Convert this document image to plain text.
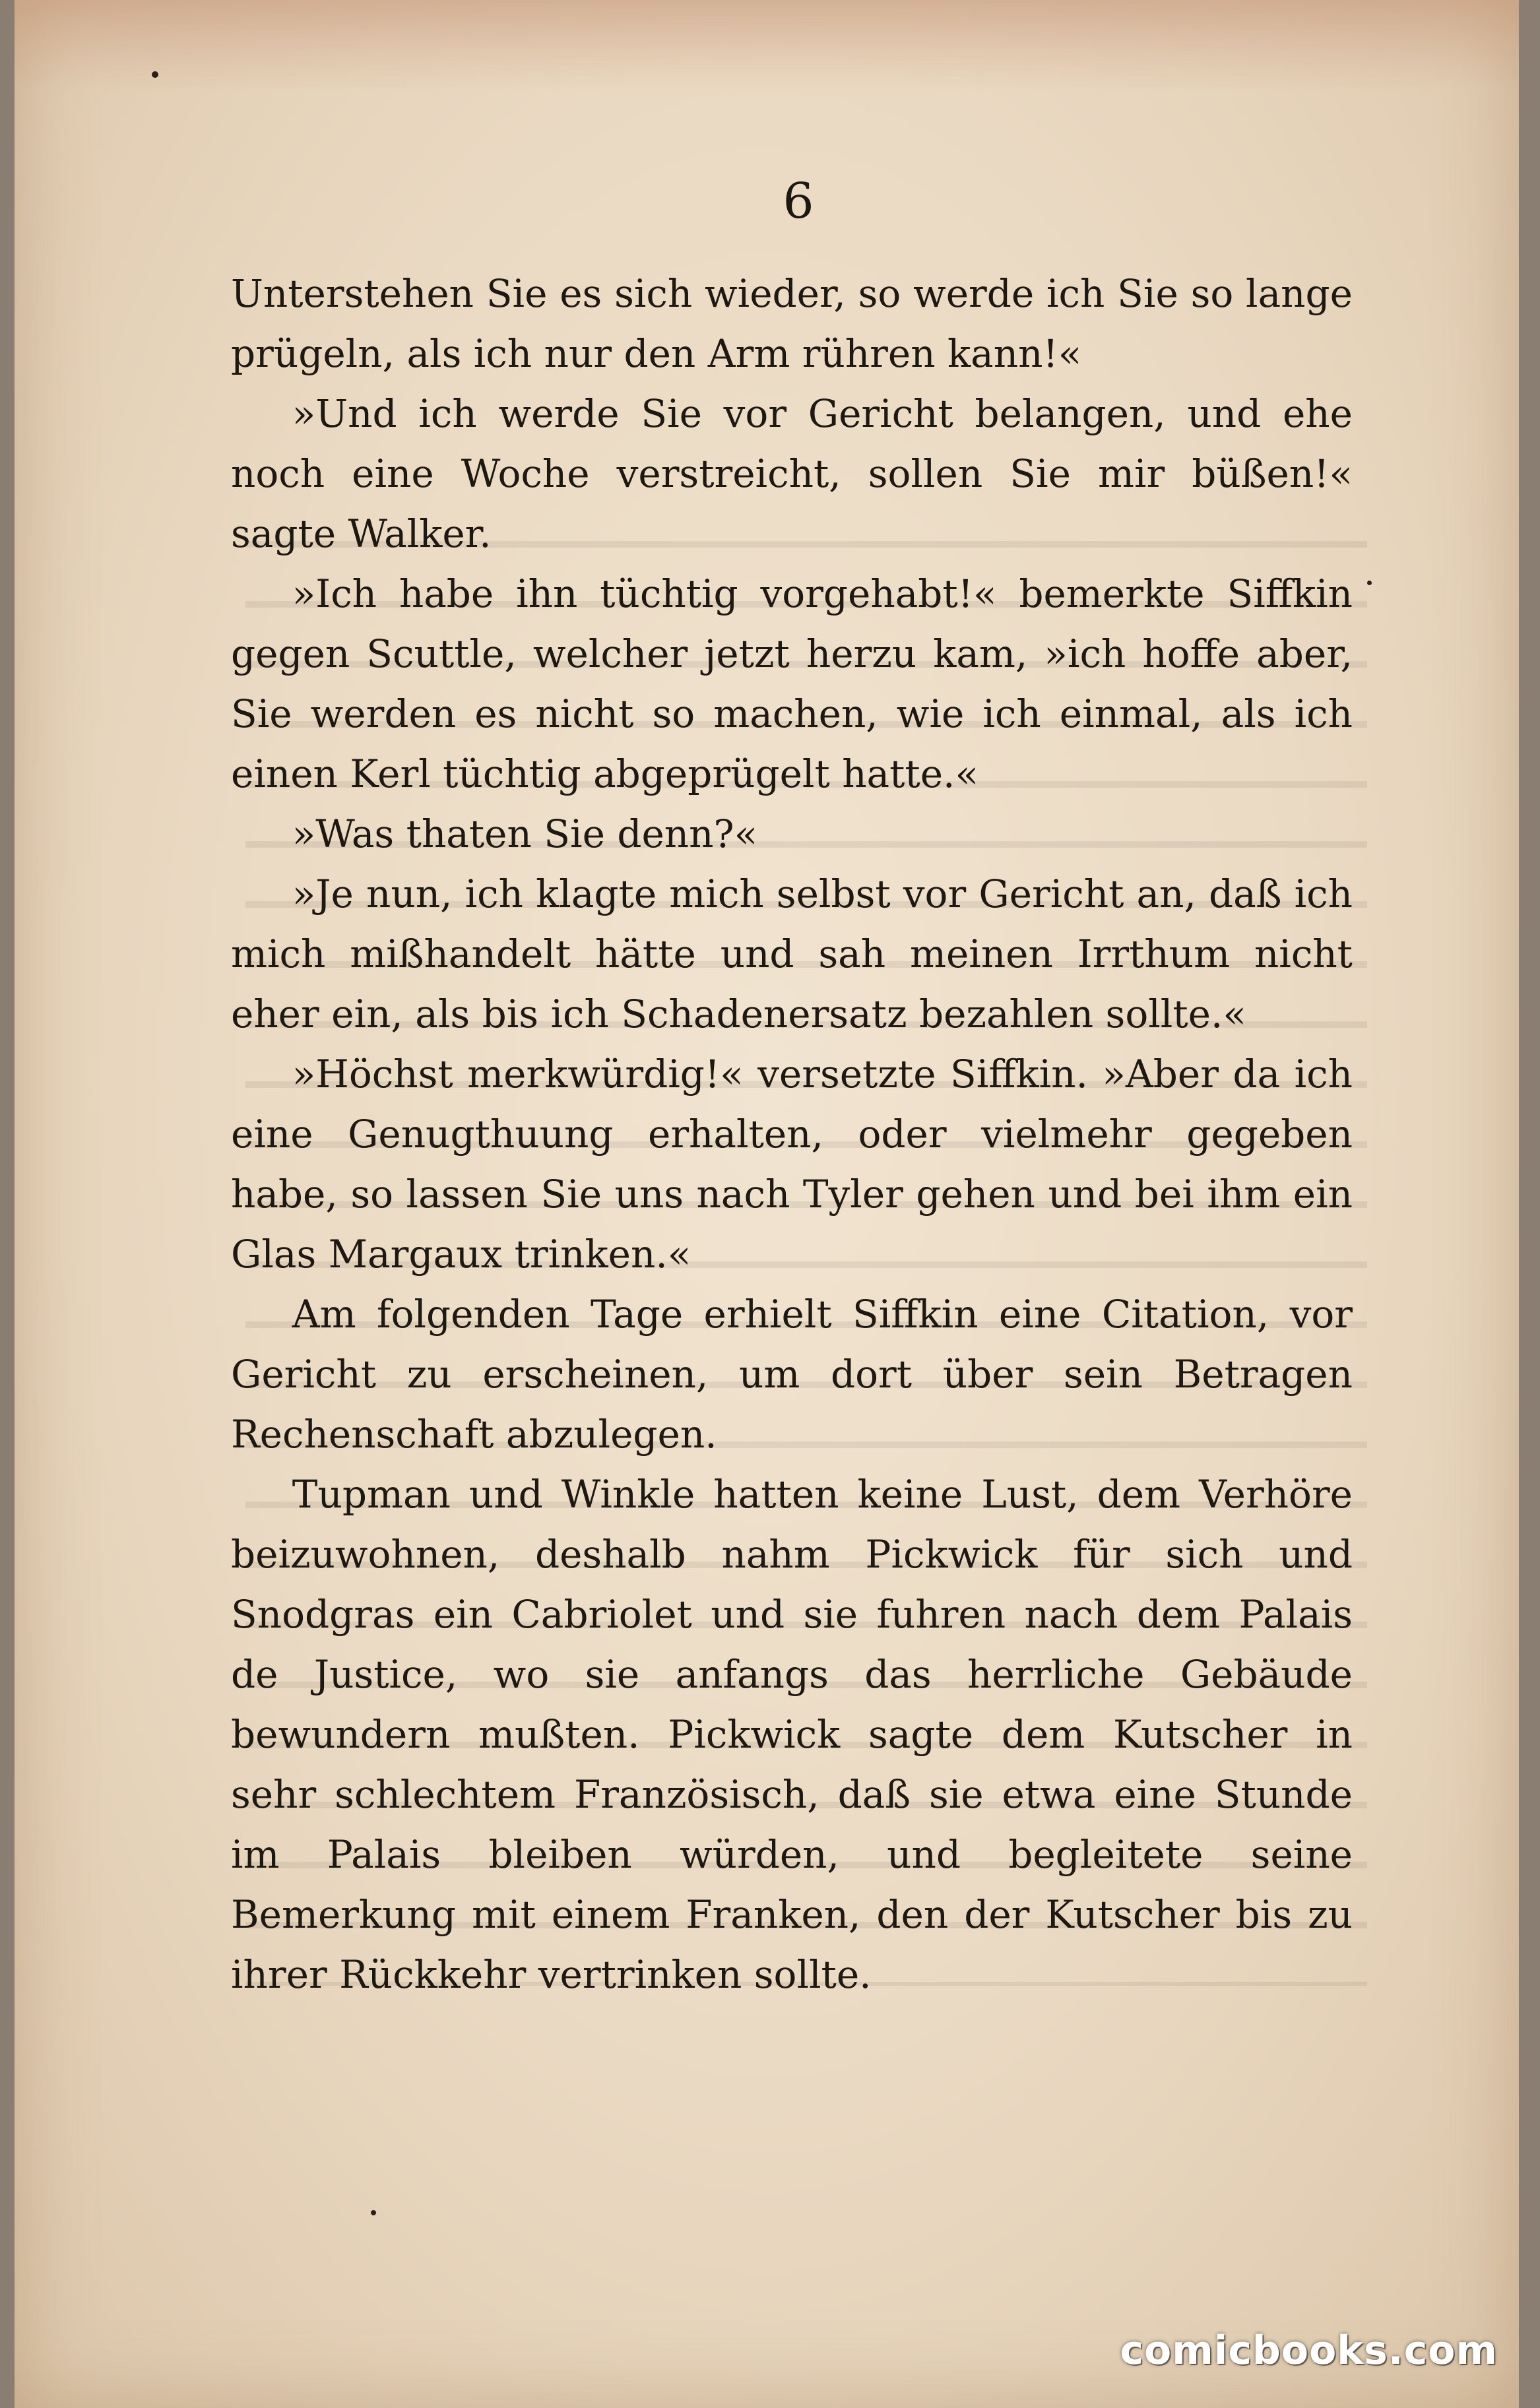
6

Unterstehen Sie es sich wieder, so werde ich Sie so lange prügeln, als ich nur den Arm rühren kann!«

»Und ich werde Sie vor Gericht belangen, und ehe noch eine Woche verstreicht, sollen Sie mir büßen!« sagte Walker.

»Ich habe ihn tüchtig vorgehabt!« bemerkte Siffkin gegen Scuttle, welcher jetzt herzu kam, »ich hoffe aber, Sie werden es nicht so machen, wie ich einmal, als ich einen Kerl tüchtig abgeprügelt hatte.«

»Was thaten Sie denn?«

»Je nun, ich klagte mich selbst vor Gericht an, daß ich mich mißhandelt hätte und sah meinen Irrthum nicht eher ein, als bis ich Schadenersatz bezahlen sollte.«

»Höchst merkwürdig!« versetzte Siffkin. »Aber da ich eine Genugthuung erhalten, oder vielmehr gegeben habe, so lassen Sie uns nach Tyler gehen und bei ihm ein Glas Margaux trinken.«

Am folgenden Tage erhielt Siffkin eine Citation, vor Gericht zu erscheinen, um dort über sein Betragen Rechenschaft abzulegen.

Tupman und Winkle hatten keine Lust, dem Verhöre beizuwohnen, deshalb nahm Pickwick für sich und Snodgras ein Cabriolet und sie fuhren nach dem Palais de Justice, wo sie anfangs das herrliche Gebäude bewundern mußten. Pickwick sagte dem Kutscher in sehr schlechtem Französisch, daß sie etwa eine Stunde im Palais bleiben würden, und begleitete seine Bemerkung mit einem Franken, den der Kutscher bis zu ihrer Rückkehr vertrinken sollte.

comicbooks.com
